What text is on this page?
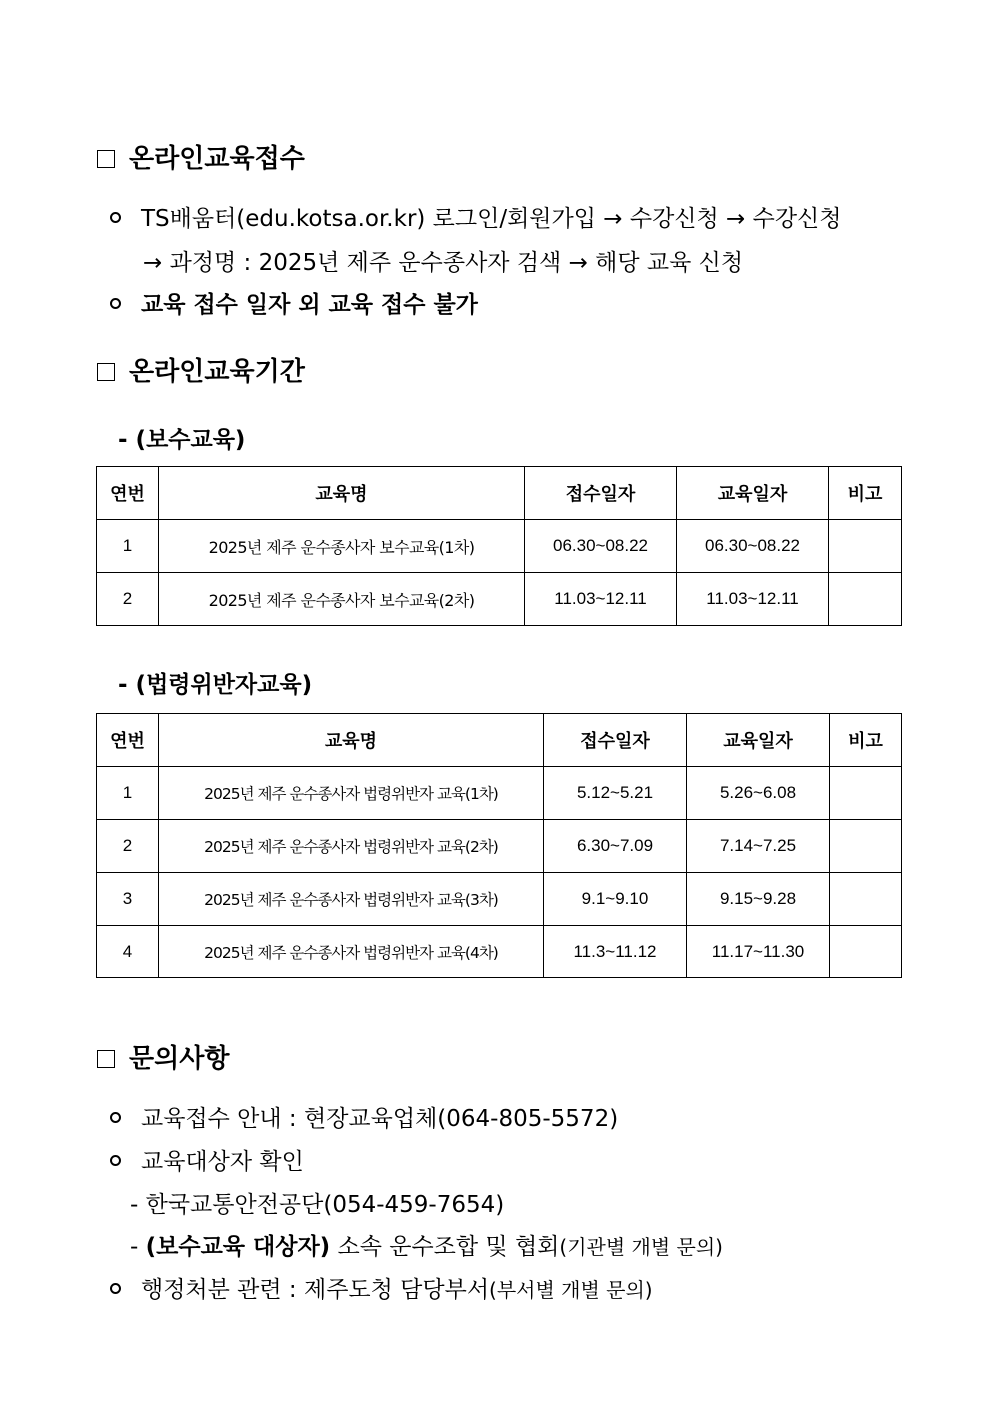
온라인교육접수
TS배움터(edu.kotsa.or.kr) 로그인/회원가입 → 수강신청 → 수강신청
→ 과정명 : 2025년 제주 운수종사자 검색 → 해당 교육 신청
교육 접수 일자 외 교육 접수 불가
온라인교육기간
- (보수교육)
연번	교육명	접수일자	교육일자	비고
1	2025년 제주 운수종사자 보수교육(1차)	06.30~08.22	06.30~08.22	
2	2025년 제주 운수종사자 보수교육(2차)	11.03~12.11	11.03~12.11	
- (법령위반자교육)
연번	교육명	접수일자	교육일자	비고
1	2025년 제주 운수종사자 법령위반자 교육(1차)	5.12~5.21	5.26~6.08	
2	2025년 제주 운수종사자 법령위반자 교육(2차)	6.30~7.09	7.14~7.25	
3	2025년 제주 운수종사자 법령위반자 교육(3차)	9.1~9.10	9.15~9.28	
4	2025년 제주 운수종사자 법령위반자 교육(4차)	11.3~11.12	11.17~11.30	
문의사항
교육접수 안내 : 현장교육업체(064-805-5572)
교육대상자 확인
- 한국교통안전공단(054-459-7654)
- (보수교육 대상자) 소속 운수조합 및 협회(기관별 개별 문의)
행정처분 관련 : 제주도청 담당부서(부서별 개별 문의)
